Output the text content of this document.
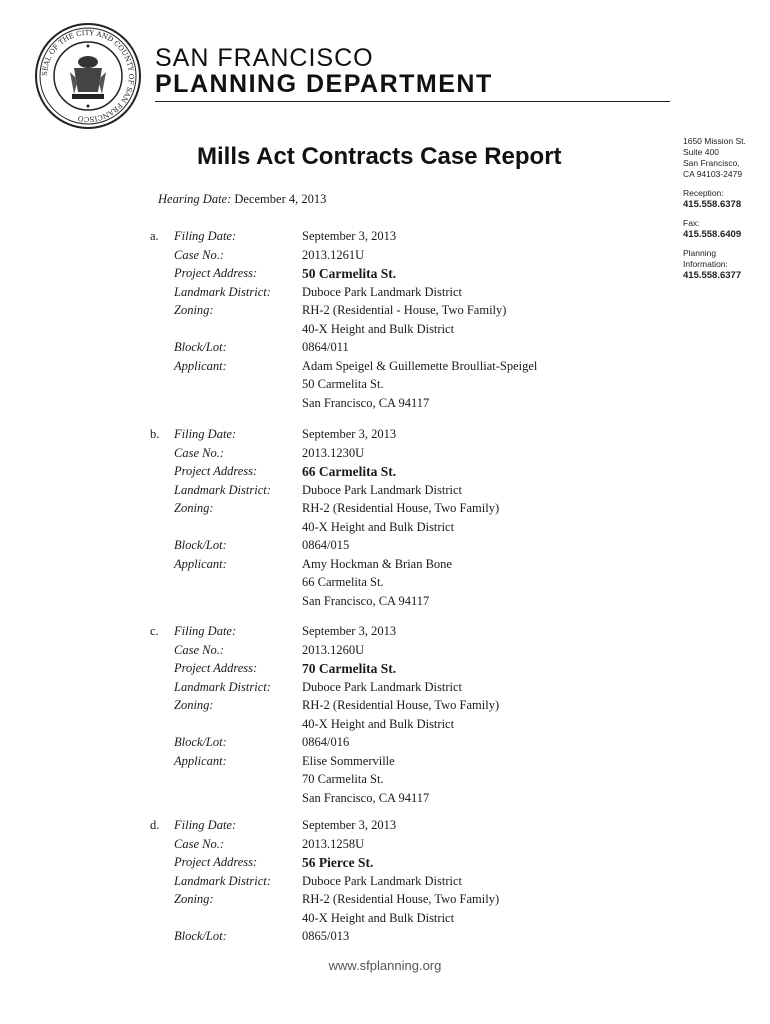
SEAL OF THE CITY AND COUNTY OF SAN FRANCISCO
SAN FRANCISCO
PLANNING DEPARTMENT
1650 Mission St.
Suite 400
San Francisco,
CA 94103-2479
Reception:
415.558.6378
Fax:
415.558.6409
Planning
Information:
415.558.6377
Mills Act Contracts Case Report
Hearing Date: December 4, 2013
a.	Filing Date:	September 3, 2013
Case No.:	2013.1261U
Project Address:	50 Carmelita St.
Landmark District: Duboce Park Landmark District
Zoning:	RH-2 (Residential - House, Two Family)
40-X Height and Bulk District
Block/Lot:	0864/011
Applicant:	Adam Speigel & Guillemette Broulliat-Speigel
50 Carmelita St.
San Francisco, CA 94117
b.	Filing Date:	September 3, 2013
Case No.:	2013.1230U
Project Address:	66 Carmelita St.
Landmark District: Duboce Park Landmark District
Zoning:	RH-2 (Residential House, Two Family)
40-X Height and Bulk District
Block/Lot:	0864/015
Applicant:	Amy Hockman & Brian Bone
66 Carmelita St.
San Francisco, CA 94117
c.	Filing Date:	September 3, 2013
Case No.:	2013.1260U
Project Address:	70 Carmelita St.
Landmark District: Duboce Park Landmark District
Zoning:	RH-2 (Residential House, Two Family)
40-X Height and Bulk District
Block/Lot:	0864/016
Applicant:	Elise Sommerville
70 Carmelita St.
San Francisco, CA 94117
d.	Filing Date:	September 3, 2013
Case No.:	2013.1258U
Project Address:	56 Pierce St.
Landmark District: Duboce Park Landmark District
Zoning:	RH-2 (Residential House, Two Family)
40-X Height and Bulk District
Block/Lot:	0865/013
www.sfplanning.org
